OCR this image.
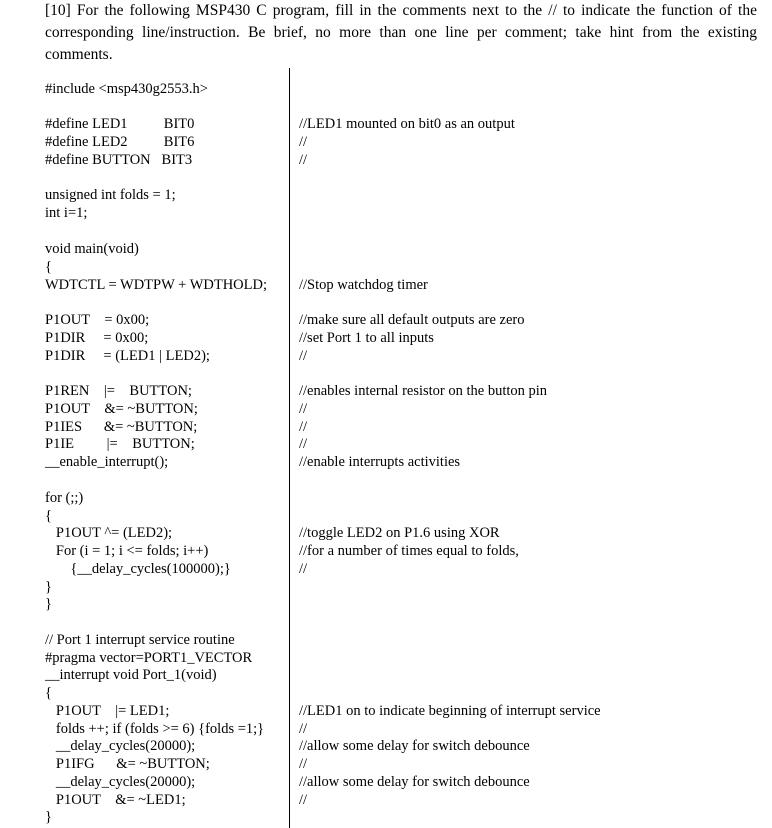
[10] For the following MSP430 C program, fill in the comments next to the // to indicate the function of the corresponding line/instruction. Be brief, no more than one line per comment; take hint from the existing comments.
#include <msp430g2553.h>
#define LED1          BIT0
#define LED2          BIT6
#define BUTTON   BIT3
unsigned int folds = 1;
int i=1;
void main(void)
{
WDTCTL = WDTPW + WDTHOLD;
P1OUT    = 0x00;
P1DIR     = 0x00;
P1DIR     = (LED1 | LED2);
P1REN    |=    BUTTON;
P1OUT    &= ~BUTTON;
P1IES      &= ~BUTTON;
P1IE         |=    BUTTON;
__enable_interrupt();
for (;;)
{
P1OUT ^= (LED2);
For (i = 1; i <= folds; i++)
{__delay_cycles(100000);}
}
}
// Port 1 interrupt service routine
#pragma vector=PORT1_VECTOR
__interrupt void Port_1(void)
{
P1OUT    |= LED1;
folds ++; if (folds >= 6) {folds =1;}
__delay_cycles(20000);
P1IFG      &= ~BUTTON;
__delay_cycles(20000);
P1OUT    &= ~LED1;
}
//LED1 mounted on bit0 as an output
//
//
//Stop watchdog timer
//make sure all default outputs are zero
//set Port 1 to all inputs
//
//enables internal resistor on the button pin
//
//
//
//enable interrupts activities
//toggle LED2 on P1.6 using XOR
//for a number of times equal to folds,
//
//LED1 on to indicate beginning of interrupt service
//
//allow some delay for switch debounce
//
//allow some delay for switch debounce
//
